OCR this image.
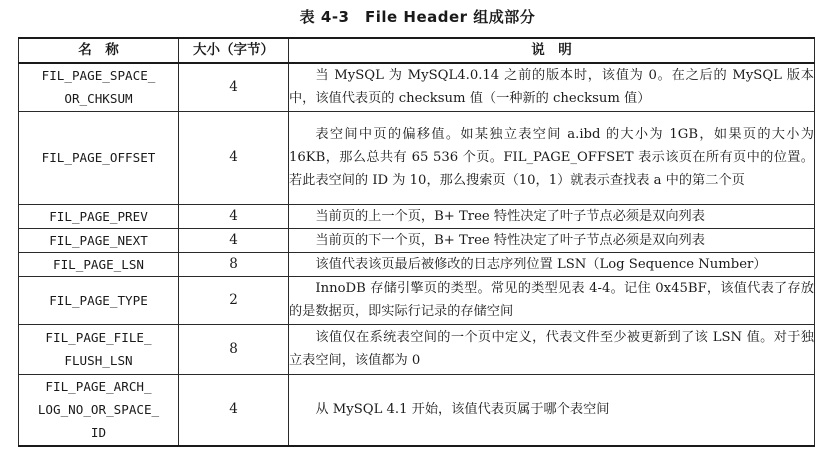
表 4-3　File Header 组成部分
名　称	大小（字节）	说　明
FIL_PAGE_SPACE_
OR_CHKSUM	4	当 MySQL 为 MySQL4.0.14 之前的版本时，该值为 0。在之后的 MySQL 版本中，该值代表页的 checksum 值（一种新的 checksum 值）
FIL_PAGE_OFFSET	4	表空间中页的偏移值。如某独立表空间 a.ibd 的大小为 1GB，如果页的大小为 16KB，那么总共有 65 536 个页。FIL_PAGE_OFFSET 表示该页在所有页中的位置。若此表空间的 ID 为 10，那么搜索页（10，1）就表示查找表 a 中的第二个页
FIL_PAGE_PREV	4	当前页的上一个页，B+ Tree 特性决定了叶子节点必须是双向列表
FIL_PAGE_NEXT	4	当前页的下一个页，B+ Tree 特性决定了叶子节点必须是双向列表
FIL_PAGE_LSN	8	该值代表该页最后被修改的日志序列位置 LSN（Log Sequence Number）
FIL_PAGE_TYPE	2	InnoDB 存储引擎页的类型。常见的类型见表 4-4。记住 0x45BF，该值代表了存放的是数据页，即实际行记录的存储空间
FIL_PAGE_FILE_
FLUSH_LSN	8	该值仅在系统表空间的一个页中定义，代表文件至少被更新到了该 LSN 值。对于独立表空间，该值都为 0
FIL_PAGE_ARCH_
LOG_NO_OR_SPACE_
ID	4	从 MySQL 4.1 开始，该值代表页属于哪个表空间
